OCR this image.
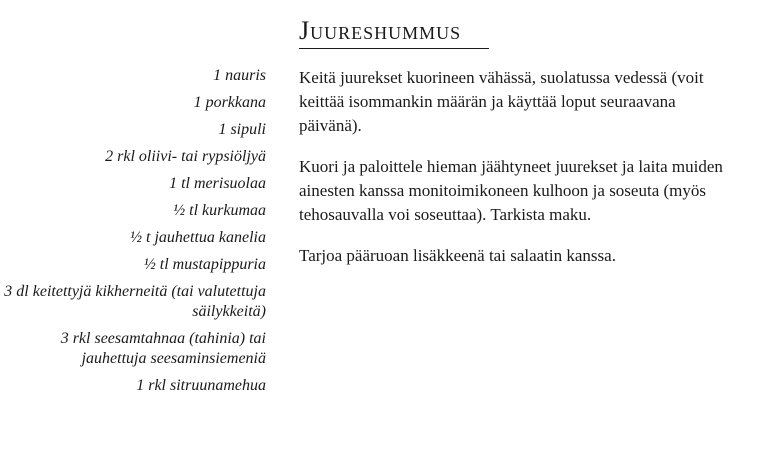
Juureshummus
1 nauris
1 porkkana
1 sipuli
2 rkl oliivi- tai rypsiöljyä
1 tl merisuolaa
½ tl kurkumaa
½ t jauhettua kanelia
½ tl mustapippuria
3 dl keitettyjä kikherneitä (tai valutettuja säilykkeitä)
3 rkl seesamtahnaa (tahinia) tai jauhettuja seesaminsiemeniä
1 rkl sitruunamehua

Keitä juurekset kuorineen vähässä, suolatussa vedessä (voit keittää isommankin määrän ja käyttää loput seuraavana päivänä).

Kuori ja paloittele hieman jäähtyneet juurekset ja laita muiden ainesten kanssa monitoimikoneen kulhoon ja soseuta (myös tehosauvalla voi soseuttaa). Tarkista maku.

Tarjoa pääruoan lisäkkeenä tai salaatin kanssa.
